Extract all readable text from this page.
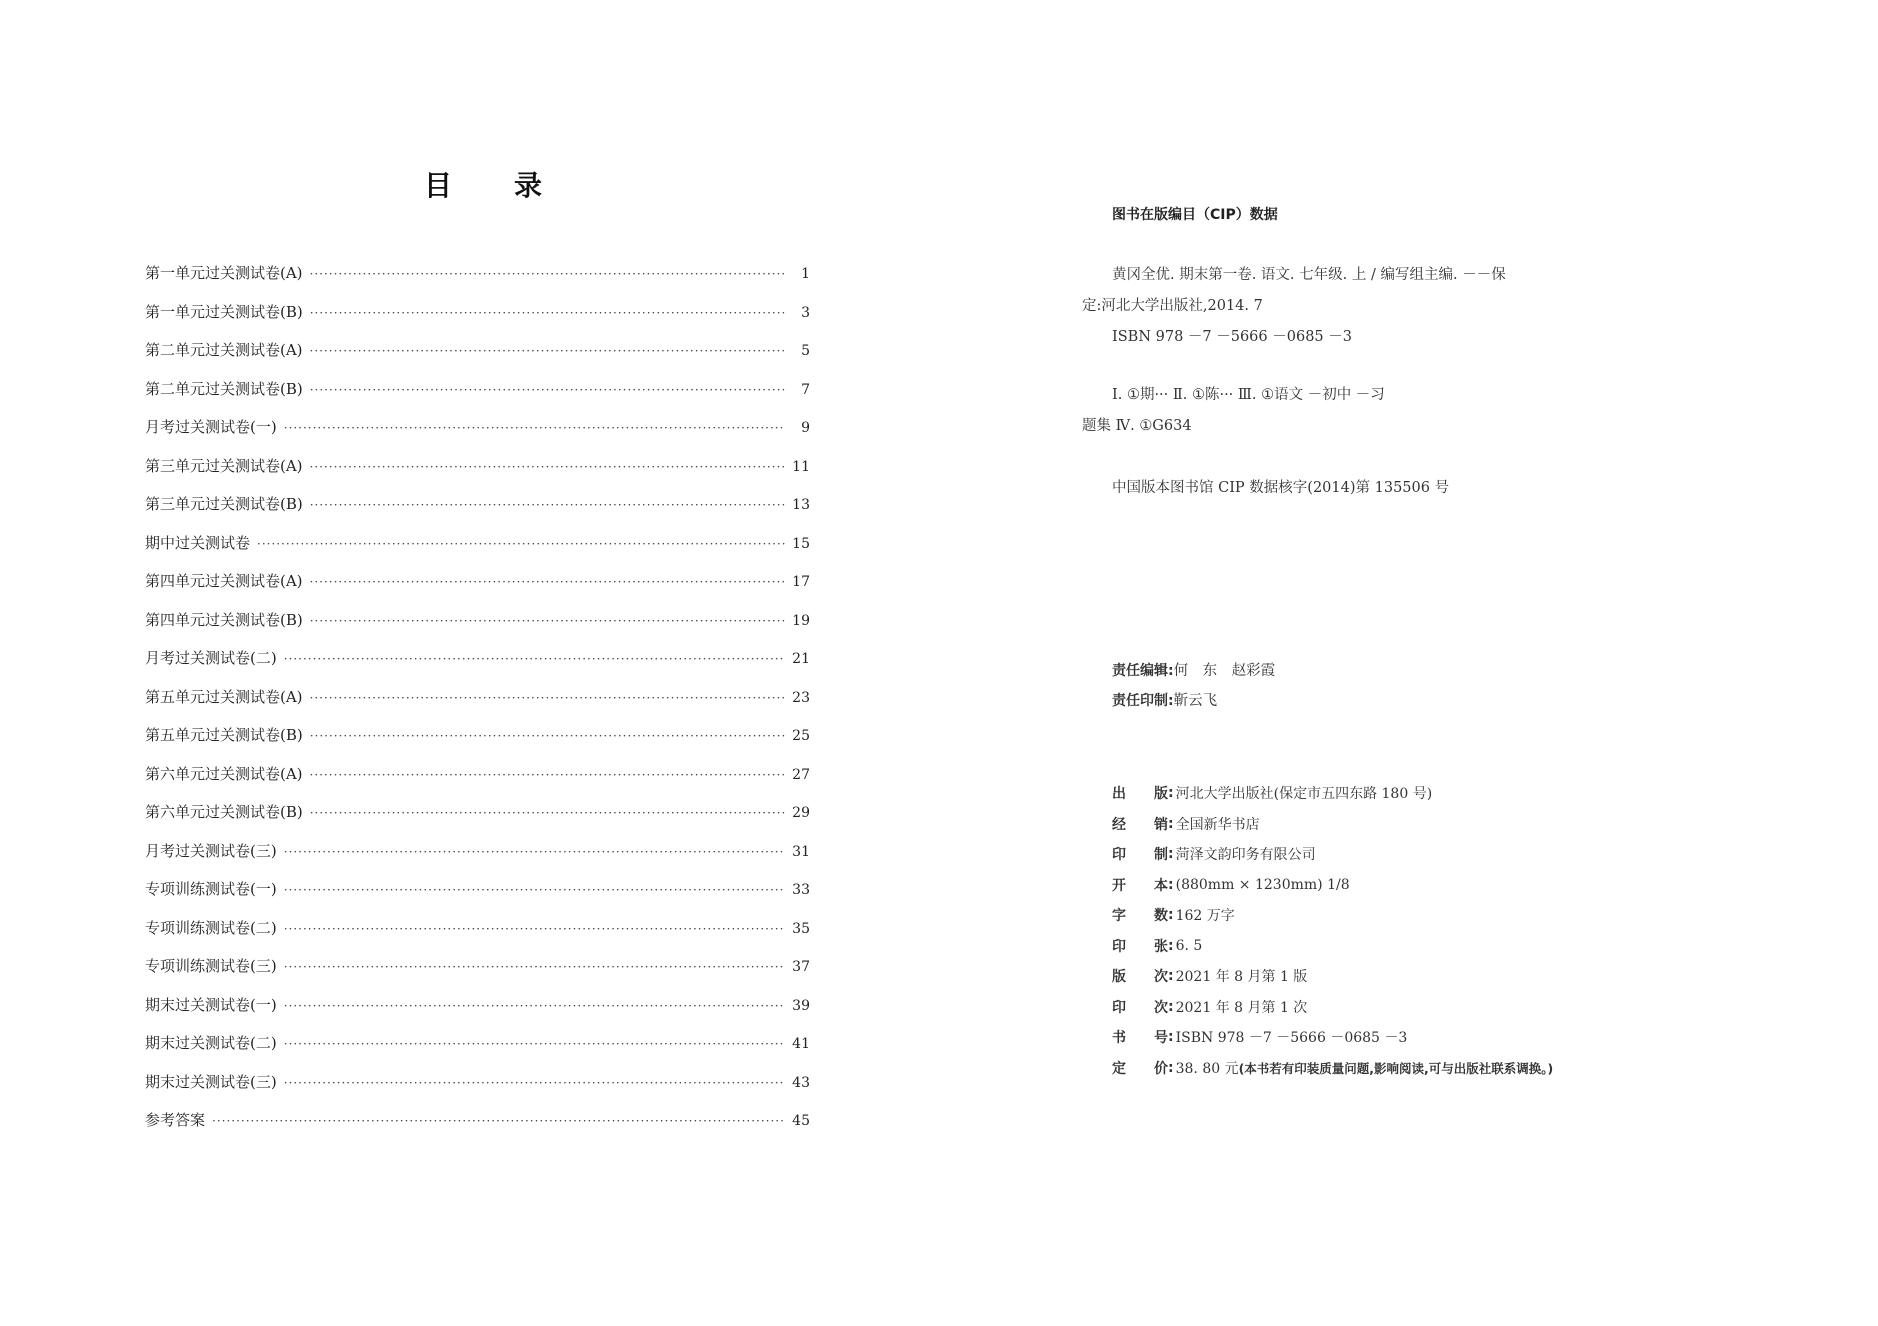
目 录
第一单元过关测试卷(A) ·····	1
第一单元过关测试卷(B) ·····	3
第二单元过关测试卷(A) ·····	5
第二单元过关测试卷(B) ·····	7
月考过关测试卷(一) ·····	9
第三单元过关测试卷(A) ·····	11
第三单元过关测试卷(B) ·····	13
期中过关测试卷 ·····	15
第四单元过关测试卷(A) ·····	17
第四单元过关测试卷(B) ·····	19
月考过关测试卷(二) ·····	21
第五单元过关测试卷(A) ·····	23
第五单元过关测试卷(B) ·····	25
第六单元过关测试卷(A) ·····	27
第六单元过关测试卷(B) ·····	29
月考过关测试卷(三) ·····	31
专项训练测试卷(一) ·····	33
专项训练测试卷(二) ·····	35
专项训练测试卷(三) ·····	37
期末过关测试卷(一) ·····	39
期末过关测试卷(二) ·····	41
期末过关测试卷(三) ·····	43
参考答案 ·····	45
图书在版编目（CIP）数据
黄冈全优. 期末第一卷. 语文. 七年级. 上 / 编写组主编. －－保
定:河北大学出版社,2014. 7
ISBN 978 －7 －5666 －0685 －3
Ⅰ. ①期··· Ⅱ. ①陈··· Ⅲ. ①语文 －初中 －习
题集 Ⅳ. ①G634
中国版本图书馆 CIP 数据核字(2014)第 135506 号
责任编辑: 何　东　赵彩霞
责任印制: 靳云飞
出 版 : 河北大学出版社(保定市五四东路 180 号)
经 销 : 全国新华书店
印 制 : 菏泽文韵印务有限公司
开 本 : (880mm × 1230mm) 1/8
字 数 : 162 万字
印 张 : 6. 5
版 次 : 2021 年 8 月第 1 版
印 次 : 2021 年 8 月第 1 次
书 号 : ISBN 978 －7 －5666 －0685 －3
定 价 : 38. 80 元 (本书若有印装质量问题,影响阅读,可与出版社联系调换。)
